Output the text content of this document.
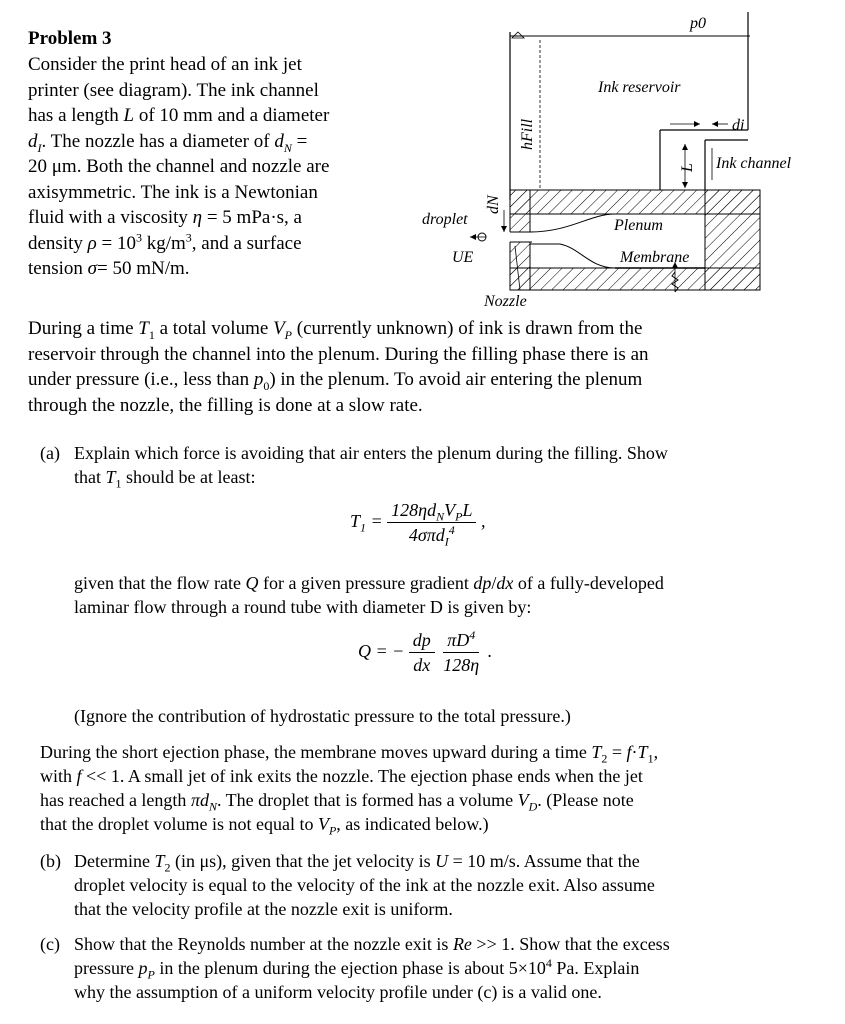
Problem 3
Consider the print head of an ink jet
printer (see diagram). The ink channel
has a length L of 10 mm and a diameter
$d_I$. The nozzle has a diameter of $d_N$ =
20 μm. Both the channel and nozzle are
axisymmetric. The ink is a Newtonian
fluid with a viscosity η = 5 mPa·s, a
density $\rho = 10^3$ $kg/m^3$, and a surface
tension σ= 50 mN/m.
hFill	di
L
dN
droplet
UE
p0
Ink reservoir
Ink channel
Plenum
Membrane
Nozzle
During a time $T_1$ a total volume $V_P$ (currently unknown) of ink is drawn from the
reservoir through the channel into the plenum. During the filling phase there is an
under pressure (i.e., less than $p_0$) in the plenum. To avoid air entering the plenum
through the nozzle, the filling is done at a slow rate.
(a) Explain which force is avoiding that air enters the plenum during the filling. Show
that $T_1$ should be at least:
$T_1 = \frac{128\eta d_NV_PL}{4\sigma\pi d_I^4}$ ,
given that the flow rate Q for a given pressure gradient dp/dx of a fully-developed
laminar flow through a round tube with diameter D is given by:
Q = − $\frac{dp}{dx}$
$\frac{\pi D^4}{128\eta}$ .
(Ignore the contribution of hydrostatic pressure to the total pressure.)
During the short ejection phase, the membrane moves upward during a time $T_2 = f\cdot T_1$,
with f << 1. A small jet of ink exits the nozzle. The ejection phase ends when the jet
has reached a length $\pi d_N$. The droplet that is formed has a volume $V_D$. (Please note
that the droplet volume is not equal to $V_P$, as indicated below.)
(b) Determine $T_2$ (in μs), given that the jet velocity is U = 10 m/s. Assume that the
droplet velocity is equal to the velocity of the ink at the nozzle exit. Also assume
that the velocity profile at the nozzle exit is uniform.
(c) Show that the Reynolds number at the nozzle exit is Re >> 1. Show that the excess
pressure $p_P$ in the plenum during the ejection phase is about $5\times 10^4$ Pa. Explain
why the assumption of a uniform velocity profile under (c) is a valid one.
